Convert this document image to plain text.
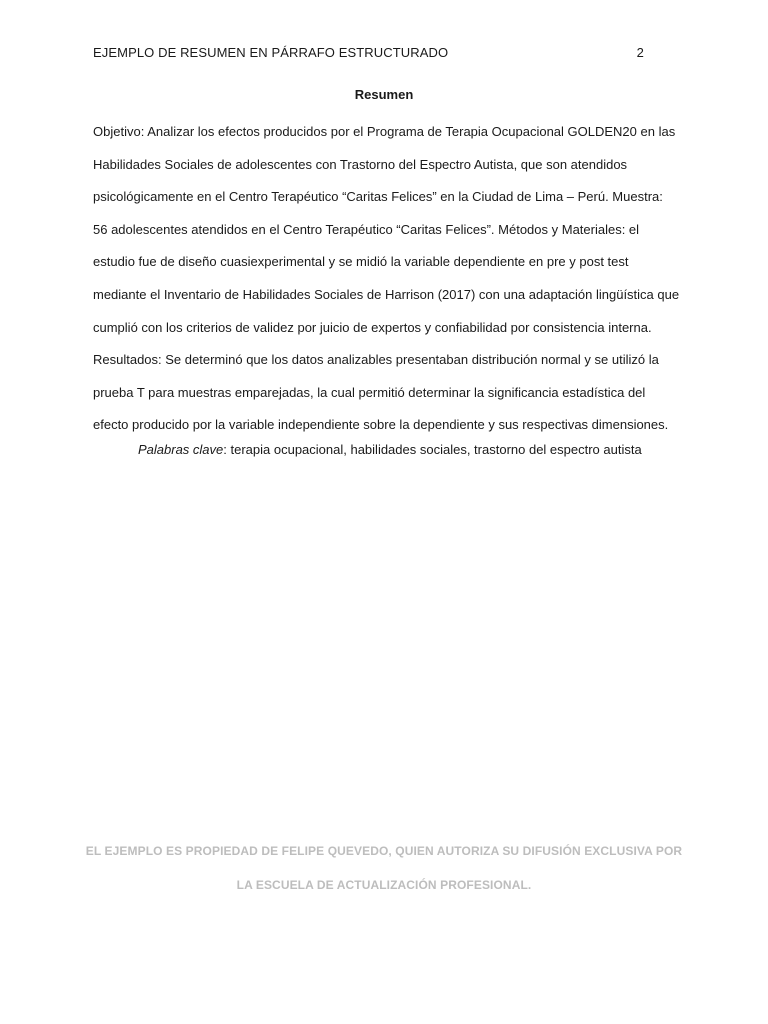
EJEMPLO DE RESUMEN EN PÁRRAFO ESTRUCTURADO	2
Resumen

Objetivo: Analizar los efectos producidos por el Programa de Terapia Ocupacional GOLDEN20 en las
Habilidades Sociales de adolescentes con Trastorno del Espectro Autista, que son atendidos
psicológicamente en el Centro Terapéutico “Caritas Felices” en la Ciudad de Lima – Perú. Muestra:
56 adolescentes atendidos en el Centro Terapéutico “Caritas Felices”. Métodos y Materiales: el
estudio fue de diseño cuasiexperimental y se midió la variable dependiente en pre y post test
mediante el Inventario de Habilidades Sociales de Harrison (2017) con una adaptación lingüística que
cumplió con los criterios de validez por juicio de expertos y confiabilidad por consistencia interna.
Resultados: Se determinó que los datos analizables presentaban distribución normal y se utilizó la
prueba T para muestras emparejadas, la cual permitió determinar la significancia estadística del
efecto producido por la variable independiente sobre la dependiente y sus respectivas dimensiones.

Palabras clave: terapia ocupacional, habilidades sociales, trastorno del espectro autista
EL EJEMPLO ES PROPIEDAD DE FELIPE QUEVEDO, QUIEN AUTORIZA SU DIFUSIÓN EXCLUSIVA POR
LA ESCUELA DE ACTUALIZACIÓN PROFESIONAL.
